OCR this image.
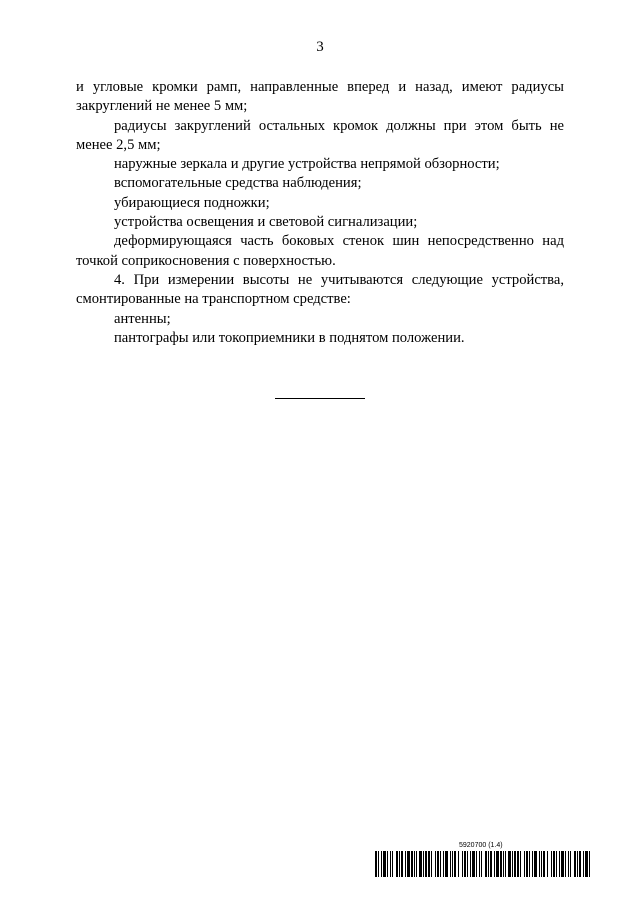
3

и угловые кромки рамп, направленные вперед и назад, имеют радиусы закруглений не менее 5 мм;

радиусы закруглений остальных кромок должны при этом быть не менее 2,5 мм;

наружные зеркала и другие устройства непрямой обзорности;

вспомогательные средства наблюдения;

убирающиеся подножки;

устройства освещения и световой сигнализации;

деформирующаяся часть боковых стенок шин непосредственно над точкой соприкосновения с поверхностью.

4. При измерении высоты не учитываются следующие устройства, смонтированные на транспортном средстве:

антенны;

пантографы или токоприемники в поднятом положении.

5920700 (1.4)
